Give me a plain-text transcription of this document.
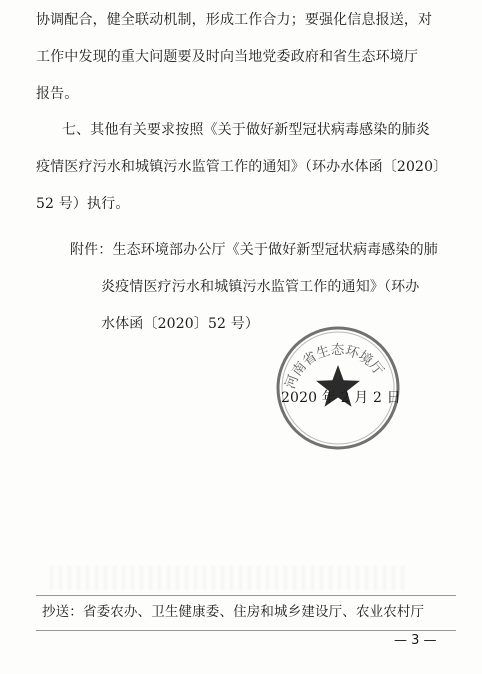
协调配合，健全联动机制，形成工作合力；要强化信息报送，对
工作中发现的重大问题要及时向当地党委政府和省生态环境厅
报告。
七、其他有关要求按照《关于做好新型冠状病毒感染的肺炎
疫情医疗污水和城镇污水监管工作的通知》（环办水体函〔2020〕
52 号）执行。
附件：生态环境部办公厅《关于做好新型冠状病毒感染的肺
炎疫情医疗污水和城镇污水监管工作的通知》（环办
水体函〔2020〕52 号）
河南省生态环境厅
2020 年 2 月 2 日
抄送：省委农办、卫生健康委、住房和城乡建设厅、农业农村厅
— 3 —
